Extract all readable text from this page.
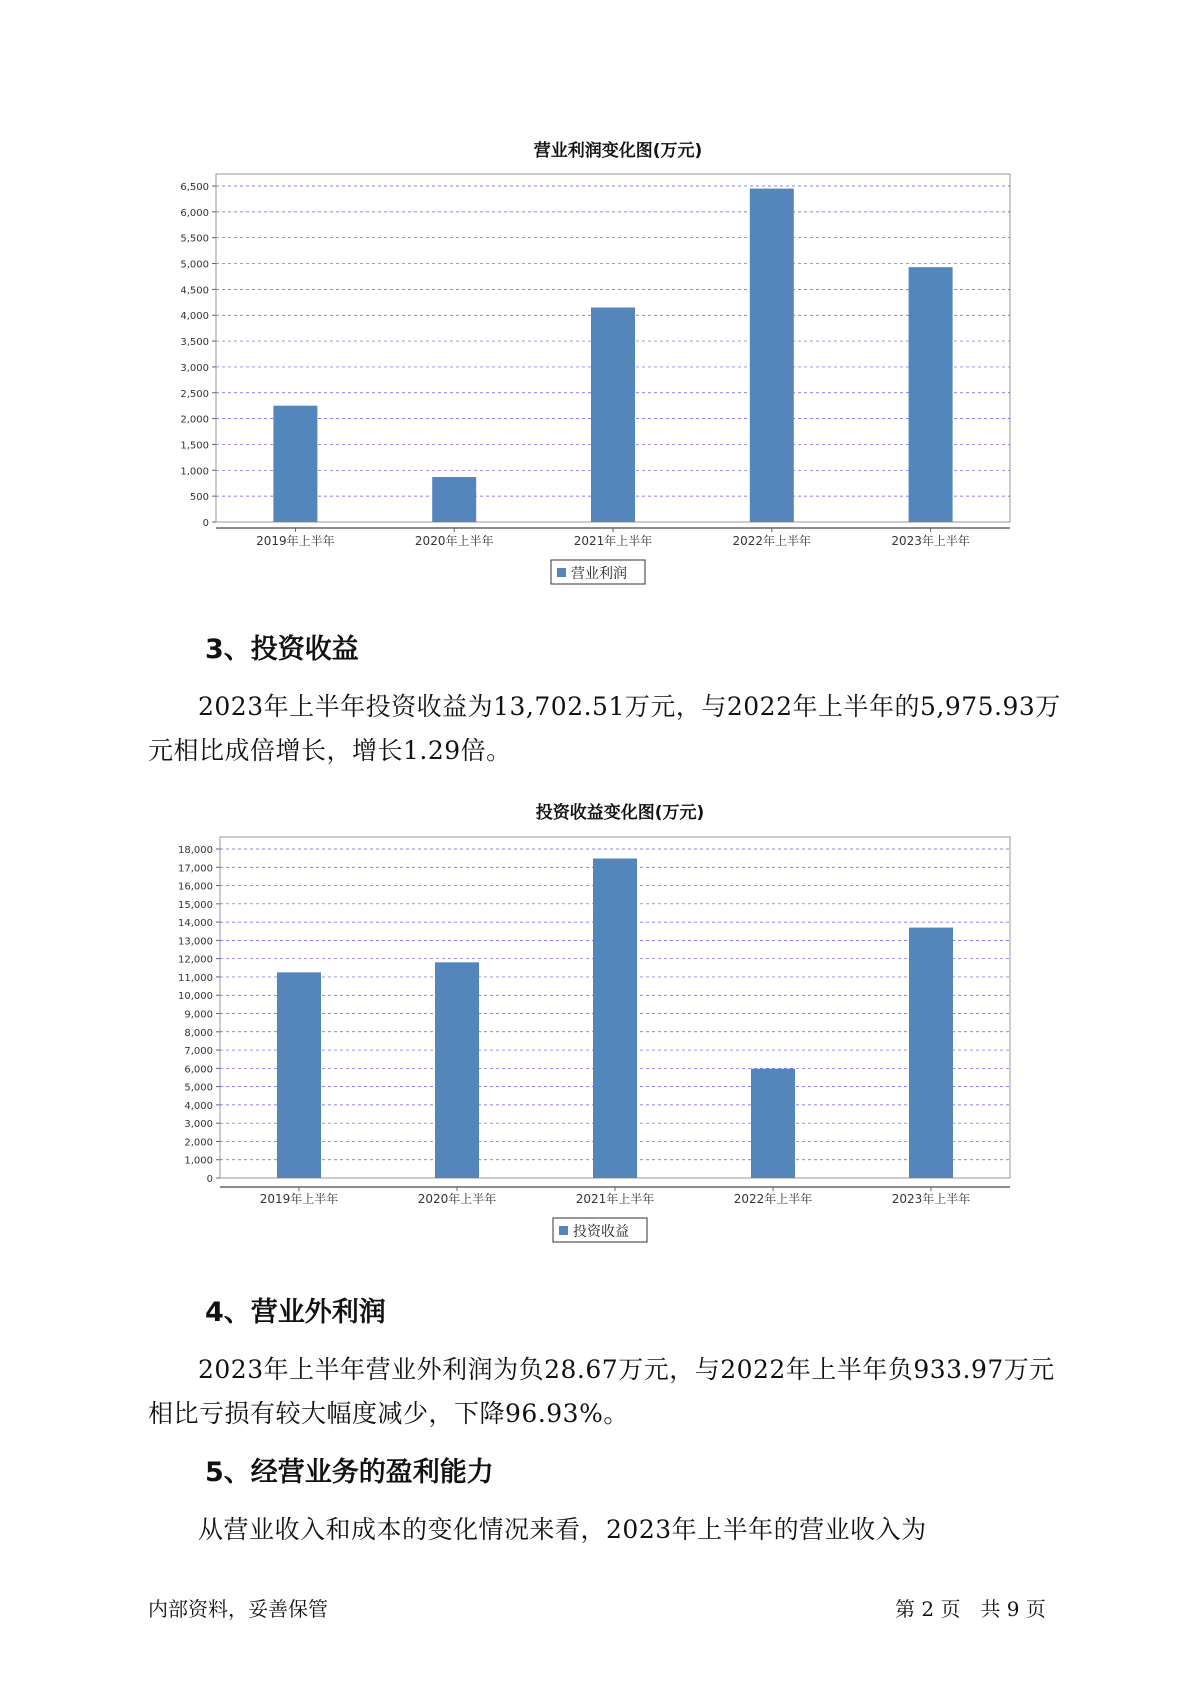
营业利润变化图(万元)
0
500
1,000
1,500
2,000
2,500
3,000
3,500
4,000
4,500
5,000
5,500
6,000
6,500
2019年上半年	2020年上半年	2021年上半年	2022年上半年	2023年上半年
营业利润
3、投资收益
2023年上半年投资收益为13,702.51万元，与2022年上半年的5,975.93万元相比成倍增长，增长1.29倍。
投资收益变化图(万元)
0
1,000
2,000
3,000
4,000
5,000
6,000
7,000
8,000
9,000
10,000
11,000
12,000
13,000
14,000
15,000
16,000
17,000
18,000
2019年上半年	2020年上半年	2021年上半年	2022年上半年	2023年上半年
投资收益
4、营业外利润
2023年上半年营业外利润为负28.67万元，与2022年上半年负933.97万元相比亏损有较大幅度减少，下降96.93%。
5、经营业务的盈利能力
从营业收入和成本的变化情况来看，2023年上半年的营业收入为
内部资料，妥善保管	第 2 页　共 9 页
